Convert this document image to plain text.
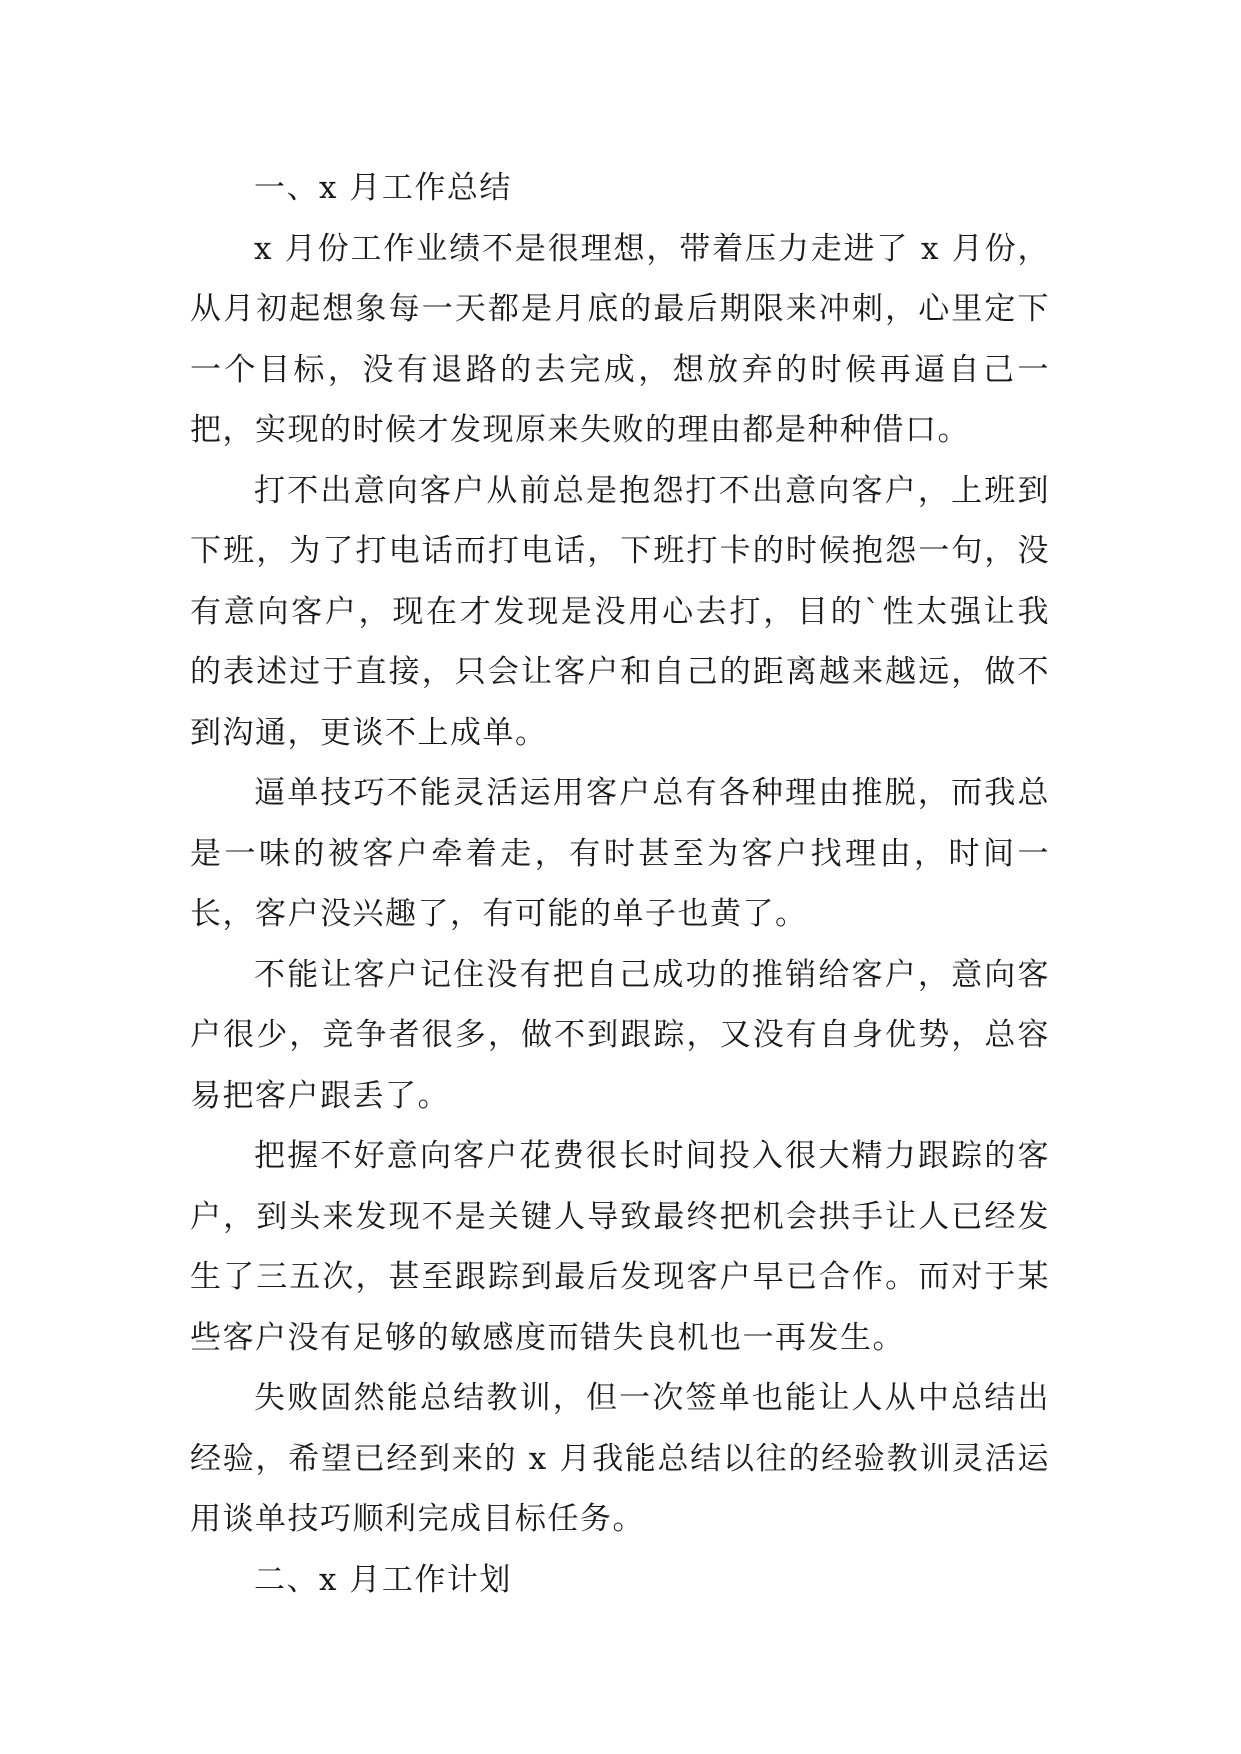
一、x 月工作总结

x 月份工作业绩不是很理想，带着压力走进了 x 月份，从月初起想象每一天都是月底的最后期限来冲刺，心里定下一个目标，没有退路的去完成，想放弃的时候再逼自己一把，实现的时候才发现原来失败的理由都是种种借口。

打不出意向客户从前总是抱怨打不出意向客户，上班到下班，为了打电话而打电话，下班打卡的时候抱怨一句，没有意向客户，现在才发现是没用心去打，目的`性太强让我的表述过于直接，只会让客户和自己的距离越来越远，做不到沟通，更谈不上成单。

逼单技巧不能灵活运用客户总有各种理由推脱，而我总是一味的被客户牵着走，有时甚至为客户找理由，时间一长，客户没兴趣了，有可能的单子也黄了。

不能让客户记住没有把自己成功的推销给客户，意向客户很少，竞争者很多，做不到跟踪，又没有自身优势，总容易把客户跟丢了。

把握不好意向客户花费很长时间投入很大精力跟踪的客户，到头来发现不是关键人导致最终把机会拱手让人已经发生了三五次，甚至跟踪到最后发现客户早已合作。而对于某些客户没有足够的敏感度而错失良机也一再发生。

失败固然能总结教训，但一次签单也能让人从中总结出经验，希望已经到来的 x 月我能总结以往的经验教训灵活运用谈单技巧顺利完成目标任务。

二、x 月工作计划
